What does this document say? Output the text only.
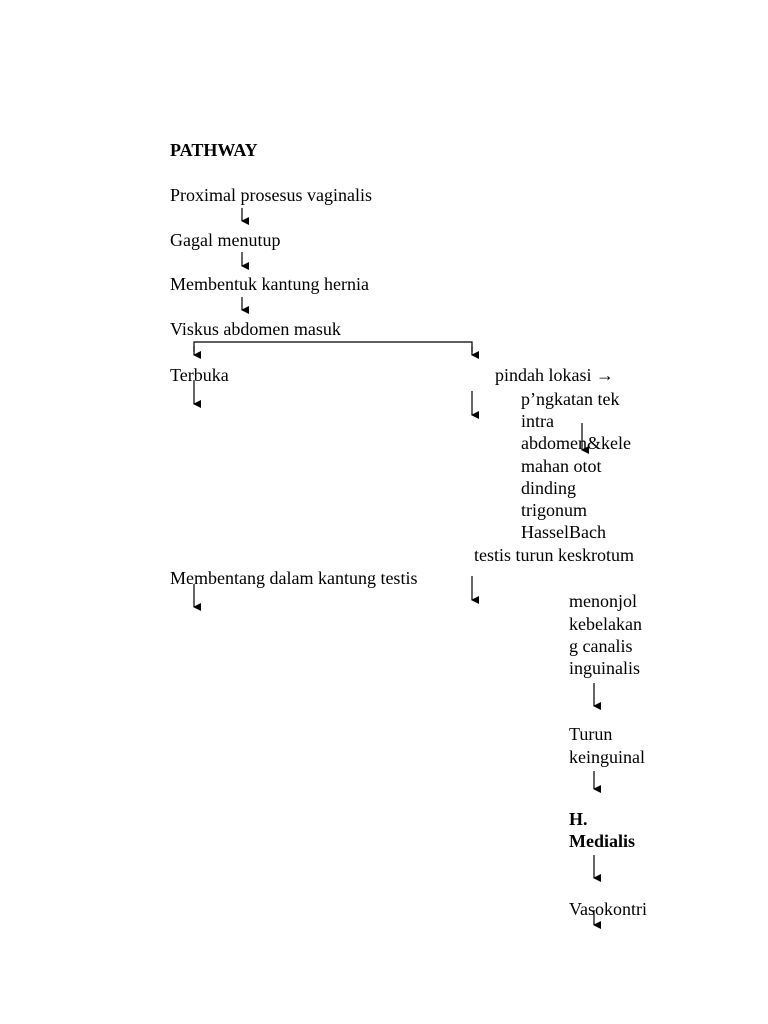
PATHWAY
Proximal prosesus vaginalis
Gagal menutup
Membentuk kantung hernia
Viskus abdomen masuk
Terbuka	pindah lokasi →
p’ngkatan tek
intra
abdomen&kele
mahan otot
dinding
trigonum
HasselBach
testis turun keskrotum
Membentang dalam kantung testis
menonjol
kebelakan
g canalis
inguinalis
Turun
keinguinal
H.
Medialis
Vasokontri
